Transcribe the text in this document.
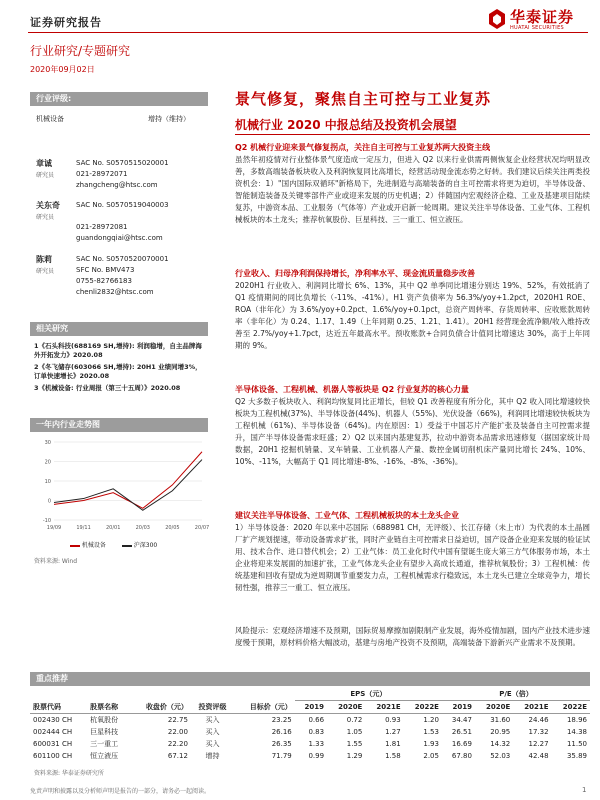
证券研究报告	华泰证券
HUATAI SECURITIES
行业研究/专题研究
2020年09月02日
行业评级:
机械设备	增持（维持）
章诚
研究员
SAC No. S0570515020001
021-28972071
zhangcheng@htsc.com
关东奇
研究员
SAC No. S0570519040003
021-28972081
guandongqiai@htsc.com
陈莉
研究员
SAC No. S0570520070001
SFC No. BMV473
0755-82766183
chenli2832@htsc.com
相关研究
1《石头科技(688169 SH,增持): 利润稳增，自主品牌海外开拓发力》2020.08
2《冬飞储存(603066 SH,增持): 20H1 业绩同增3%，订单快速增长》2020.08
3《机械设备: 行业周报（第三十五周）》2020.08
一年内行业走势图
30
20
10
0
-10
19/09	19/11	20/01	20/03	20/05	20/07
机械设备	沪深300
资料来源: Wind
景气修复，聚焦自主可控与工业复苏
机械行业 2020 中报总结及投资机会展望
Q2 机械行业迎来景气修复拐点，关注自主可控与工业复苏两大投资主线
虽然年初疫情对行业整体景气度造成一定压力，但进入 Q2 以来行业供需两侧恢复企业经营状况均明显改善，多数高端装备板块收入及利润恢复同比高增长，经营活动现金流态势之好转。我们建议后续关注两类投资机会：1）"国内国际双循环"新格局下，先进制造与高端装备的自主可控需求将更为迫切，半导体设备、智能制造装备及关键零部件产业或迎来发展的历史机遇；2）伴随国内宏观经济企稳、工业及基建项目陆续复苏，中游资本品、工业服务（气体等）产业或开启新一轮周期。建议关注半导体设备、工业气体、工程机械板块的本土龙头；推荐杭氧股份、巨星科技、三一重工、恒立液压。
行业收入、归母净利润保持增长，净利率水平、现金流质量稳步改善
2020H1 行业收入、利润同比增长 6%、13%，其中 Q2 单季同比增速分别达 19%、52%，有效抵消了 Q1 疫情期间的同比负增长（-11%、-41%）。H1 资产负债率为 56.3%/yoy+1.2pct，2020H1 ROE、ROA（非年化）为 3.6%/yoy+0.2pct、1.6%/yoy+0.1pct，总资产周转率、存货周转率、应收账款周转率（非年化）为 0.24、1.17、1.49（上年同期 0.25、1.21、1.41）。20H1 经营现金流净额/收入维持改善至 2.7%/yoy+1.7pct，达近五年最高水平。预收账款+合同负债合计值同比增速达 30%，高于上年同期的 9%。
半导体设备、工程机械、机器人等板块是 Q2 行业复苏的核心力量
Q2 大多数子板块收入、利润均恢复同比正增长，但较 Q1 改善程度有所分化，其中 Q2 收入同比增速较快板块为工程机械(37%)、半导体设备(44%)、机器人（55%)、光伏设备（66%)，利润同比增速较快板块为工程机械（61%)、半导体设备（64%)。内在原因：1）受益于中国芯片产能扩张及装备自主可控需求提升，国产半导体设备需求旺盛；2）Q2 以来国内基建复苏，拉动中游资本品需求迅速修复（据国家统计局数据，20H1 挖掘机销量、叉车销量、工业机器人产量、数控金属切削机床产量同比增长 24%、10%、10%、-11%，大幅高于 Q1 同比增速-8%、-16%、-8%、-36%)。
建议关注半导体设备、工业气体、工程机械板块的本土龙头企业
1）半导体设备：2020 年以来中芯国际（688981 CH，无评级）、长江存储（未上市）为代表的本土晶圆厂扩产规划提速，带动设备需求扩张，同时产业链自主可控需求日益迫切，国产设备企业迎来发展的验证试用、技术合作、进口替代机会；2）工业气体：员工业化时代中国有望诞生庞大第三方气体服务市场，本土企业将迎来发展面的加速扩张，工业气体龙头企业有望步入高成长通道，推荐杭氧股份；3）工程机械：传统基建和回收有望成为逆周期调节重要发力点，工程机械需求行稳致远，本土龙头已建立全球竞争力，增长韧性强，推荐三一重工、恒立液压。
风险提示：宏观经济增速不及预期，国际贸易摩擦加剧限制产业发展，海外疫情加剧，国内产业技术进步速度慢于预期，原材料价格大幅波动，基建与房地产投资不及预期，高端装备下游新兴产业需求不及预期。
重点推荐
					EPS（元）				P/E（倍）			
股票代码	股票名称	收盘价（元）	投资评级	目标价（元）	2019	2020E	2021E	2022E	2019	2020E	2021E	2022E
002430 CH	杭氧股份	22.75	买入	23.25	0.66	0.72	0.93	1.20	34.47	31.60	24.46	18.96
002444 CH	巨星科技	22.00	买入	26.16	0.83	1.05	1.27	1.53	26.51	20.95	17.32	14.38
600031 CH	三一重工	22.20	买入	26.35	1.33	1.55	1.81	1.93	16.69	14.32	12.27	11.50
601100 CH	恒立液压	67.12	增持	71.79	0.99	1.29	1.58	2.05	67.80	52.03	42.48	35.89
资料来源: 华泰证券研究所
免责声明和披露以及分析师声明是报告的一部分，请务必一起阅读。	1
